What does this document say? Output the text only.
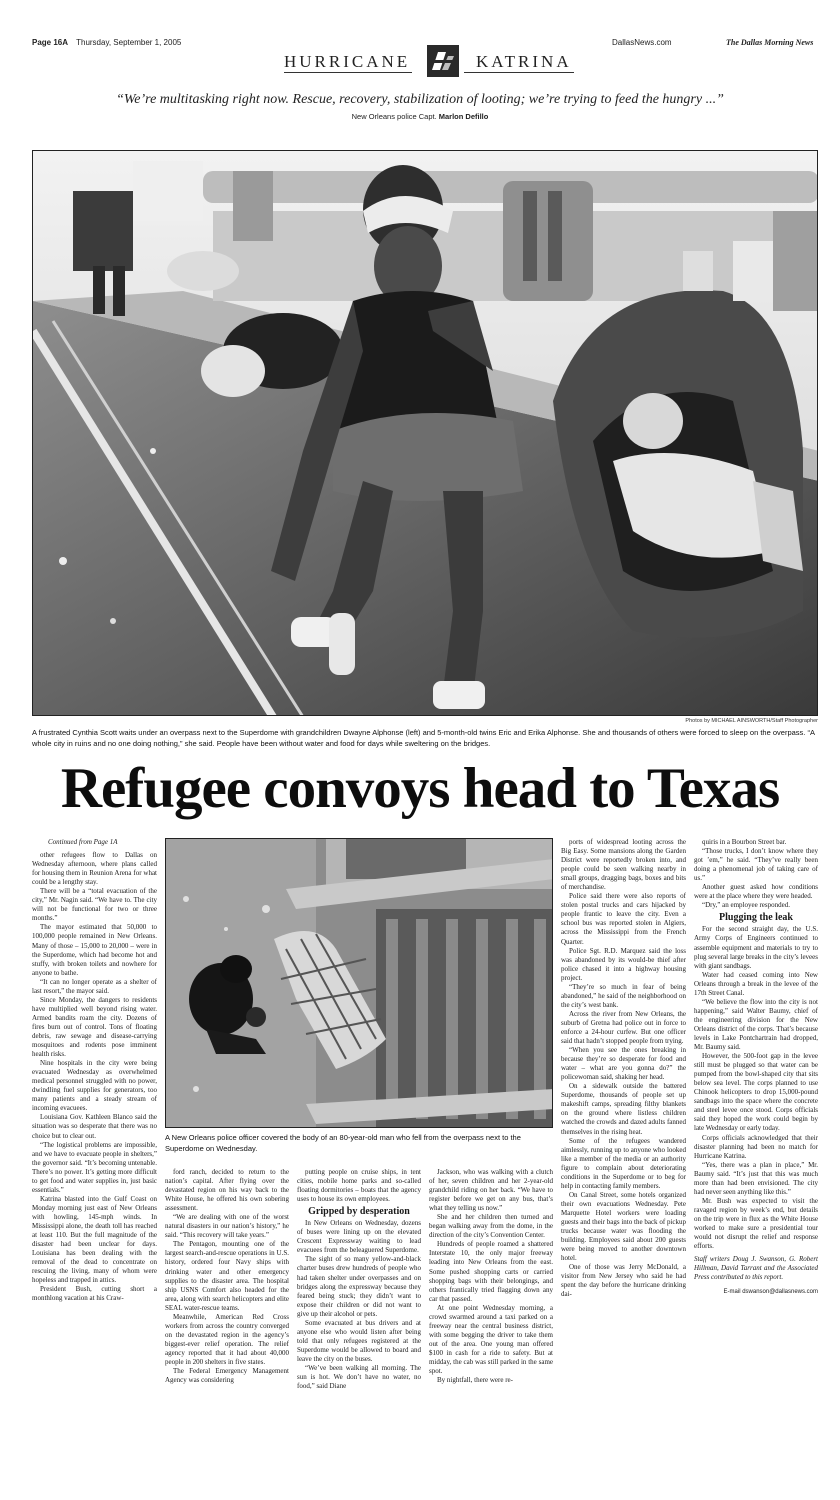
Page 16A Thursday, September 1, 2005	DallasNews.com	The Dallas Morning News
HURRICANE	KATRINA
“We’re multitasking right now. Rescue, recovery, stabilization of looting; we’re trying to feed the hungry ...”
New Orleans police Capt. Marlon Defillo
Photos by MICHAEL AINSWORTH/Staff Photographer
A frustrated Cynthia Scott waits under an overpass next to the Superdome with grandchildren Dwayne Alphonse (left) and 5-month-old twins Eric and Erika Alphonse. She and thousands of others were forced to sleep on the overpass. “A whole city in ruins and no one doing nothing,” she said. People have been without water and food for days while sweltering on the bridges.
Refugee convoys head to Texas

Continued from Page 1A

other refugees flow to Dallas on Wednesday afternoon, where plans called for housing them in Reunion Arena for what could be a lengthy stay.

There will be a “total evacuation of the city,” Mr. Nagin said. “We have to. The city will not be functional for two or three months.”

The mayor estimated that 50,000 to 100,000 people remained in New Orleans. Many of those – 15,000 to 20,000 – were in the Superdome, which had become hot and stuffy, with broken toilets and nowhere for anyone to bathe.

“It can no longer operate as a shelter of last resort,” the mayor said.

Since Monday, the dangers to residents have multiplied well beyond rising water. Armed bandits roam the city. Dozens of fires burn out of control. Tons of floating debris, raw sewage and disease-carrying mosquitoes and rodents pose imminent health risks.

Nine hospitals in the city were being evacuated Wednesday as overwhelmed medical personnel struggled with no power, dwindling fuel supplies for generators, too many patients and a steady stream of incoming evacuees.

Louisiana Gov. Kathleen Blanco said the situation was so desperate that there was no choice but to clear out.

“The logistical problems are impossible, and we have to evacuate people in shelters,” the governor said. “It’s becoming untenable. There’s no power. It’s getting more difficult to get food and water supplies in, just basic essentials.”

Katrina blasted into the Gulf Coast on Monday morning just east of New Orleans with howling, 145-mph winds. In Mississippi alone, the death toll has reached at least 110. But the full magnitude of the disaster had been unclear for days. Louisiana has been dealing with the removal of the dead to concentrate on rescuing the living, many of whom were hopeless and trapped in attics.

President Bush, cutting short a monthlong vacation at his Craw-

A New Orleans police officer covered the body of an 80-year-old man who fell from the overpass next to the Superdome on Wednesday.

ford ranch, decided to return to the nation’s capital. After flying over the devastated region on his way back to the White House, he offered his own sobering assessment.

“We are dealing with one of the worst natural disasters in our nation’s history,” he said. “This recovery will take years.”

The Pentagon, mounting one of the largest search-and-rescue operations in U.S. history, ordered four Navy ships with drinking water and other emergency supplies to the disaster area. The hospital ship USNS Comfort also headed for the area, along with search helicopters and elite SEAL water-rescue teams.

Meanwhile, American Red Cross workers from across the country converged on the devastated region in the agency’s biggest-ever relief operation. The relief agency reported that it had about 40,000 people in 200 shelters in five states.

The Federal Emergency Management Agency was considering

putting people on cruise ships, in tent cities, mobile home parks and so-called floating dormitories – boats that the agency uses to house its own employees.

Gripped by desperation

In New Orleans on Wednesday, dozens of buses were lining up on the elevated Crescent Expressway waiting to lead evacuees from the beleaguered Superdome.

The sight of so many yellow-and-black charter buses drew hundreds of people who had taken shelter under overpasses and on bridges along the expressway because they feared being stuck; they didn’t want to expose their children or did not want to give up their alcohol or pets.

Some evacuated at bus drivers and at anyone else who would listen after being told that only refugees registered at the Superdome would be allowed to board and leave the city on the buses.

“We’ve been walking all morning. The sun is hot. We don’t have no water, no food,” said Diane

Jackson, who was walking with a clutch of her, seven children and her 2-year-old grandchild riding on her back. “We have to register before we get on any bus, that’s what they telling us now.”

She and her children then turned and began walking away from the dome, in the direction of the city’s Convention Center.

Hundreds of people roamed a shattered Interstate 10, the only major freeway leading into New Orleans from the east. Some pushed shopping carts or carried shopping bags with their belongings, and others frantically tried flagging down any car that passed.

At one point Wednesday morning, a crowd swarmed around a taxi parked on a freeway near the central business district, with some begging the driver to take them out of the area. One young man offered $100 in cash for a ride to safety. But at midday, the cab was still parked in the same spot.

By nightfall, there were re-

ports of widespread looting across the Big Easy. Some mansions along the Garden District were reportedly broken into, and people could be seen walking nearby in small groups, dragging bags, boxes and bits of merchandise.

Police said there were also reports of stolen postal trucks and cars hijacked by people frantic to leave the city. Even a school bus was reported stolen in Algiers, across the Mississippi from the French Quarter.

Police Sgt. R.D. Marquez said the loss was abandoned by its would-be thief after police chased it into a highway housing project.

“They’re so much in fear of being abandoned,” he said of the neighborhood on the city’s west bank.

Across the river from New Orleans, the suburb of Gretna had police out in force to enforce a 24-hour curfew. But one officer said that hadn’t stopped people from trying.

“When you see the ones breaking in because they’re so desperate for food and water – what are you gonna do?” the policewoman said, shaking her head.

On a sidewalk outside the battered Superdome, thousands of people set up makeshift camps, spreading filthy blankets on the ground where listless children watched the crowds and dazed adults fanned themselves in the rising heat.

Some of the refugees wandered aimlessly, running up to anyone who looked like a member of the media or an authority figure to complain about deteriorating conditions in the Superdome or to beg for help in contacting family members.

On Canal Street, some hotels organized their own evacuations Wednesday. Pete Marquette Hotel workers were loading guests and their bags into the back of pickup trucks because water was flooding the building. Employees said about 200 guests were being moved to another downtown hotel.

One of those was Jerry McDonald, a visitor from New Jersey who said he had spent the day before the hurricane drinking dai-

quiris in a Bourbon Street bar.

“Those trucks, I don’t know where they got ’em,” he said. “They’ve really been doing a phenomenal job of taking care of us.”

Another guest asked how conditions were at the place where they were headed.

“Dry,” an employee responded.

Plugging the leak

For the second straight day, the U.S. Army Corps of Engineers continued to assemble equipment and materials to try to plug several large breaks in the city’s levees with giant sandbags.

Water had ceased coming into New Orleans through a break in the levee of the 17th Street Canal.

“We believe the flow into the city is not happening,” said Walter Baumy, chief of the engineering division for the New Orleans district of the corps. That’s because levels in Lake Pontchartrain had dropped, Mr. Baumy said.

However, the 500-foot gap in the levee still must be plugged so that water can be pumped from the bowl-shaped city that sits below sea level. The corps planned to use Chinook helicopters to drop 15,000-pound sandbags into the space where the concrete and steel levee once stood. Corps officials said they hoped the work could begin by late Wednesday or early today.

Corps officials acknowledged that their disaster planning had been no match for Hurricane Katrina.

“Yes, there was a plan in place,” Mr. Baumy said. “It’s just that this was much more than had been envisioned. The city had never seen anything like this.”

Mr. Bush was expected to visit the ravaged region by week’s end, but details on the trip were in flux as the White House worked to make sure a presidential tour would not disrupt the relief and response efforts.

Staff writers Doug J. Swanson, G. Robert Hillman, David Tarrant and the Associated Press contributed to this report.

E-mail dswanson@dallasnews.com
